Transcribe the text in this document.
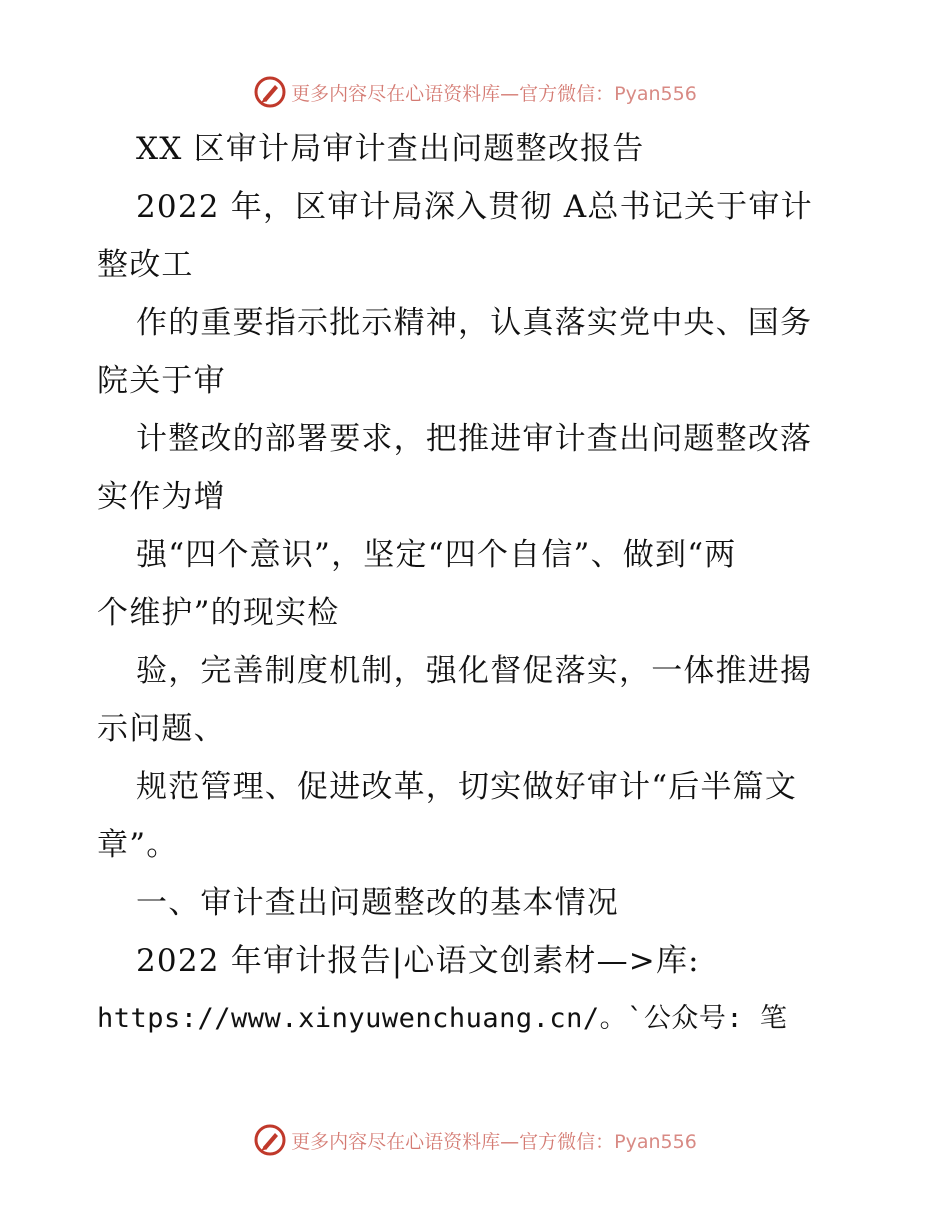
更多内容尽在心语资料库—官方微信：Pyan556
XX 区审计局审计查出问题整改报告
2022 年，区审计局深入贯彻 A总书记关于审计
整改工
作的重要指示批示精神，认真落实党中央、国务
院关于审
计整改的部署要求，把推进审计查出问题整改落
实作为增
强“四个意识”，坚定“四个自信”、做到“两
个维护”的现实检
验，完善制度机制，强化督促落实，一体推进揭
示问题、
规范管理、促进改革，切实做好审计“后半篇文
章”。
一、审计查出问题整改的基本情况
2022 年审计报告|心语文创素材—>库:
https://www.xinyuwenchuang.cn/。`公众号: 笔
更多内容尽在心语资料库—官方微信：Pyan556
